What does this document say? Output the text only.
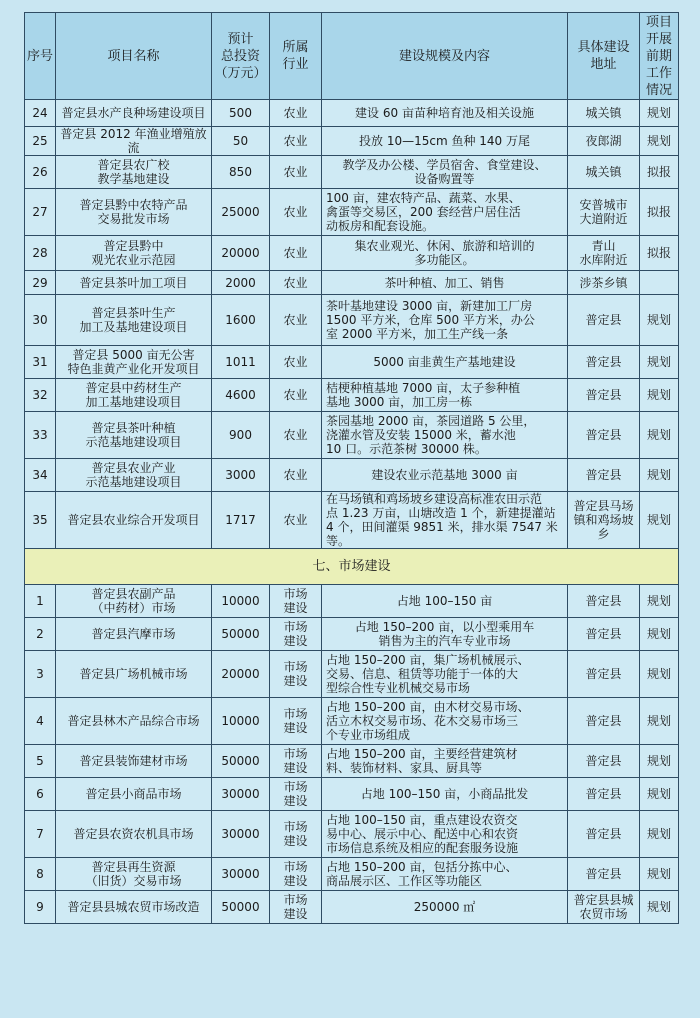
序号	项目名称	预计
总投资
（万元）	所属
行业	建设规模及内容	具体建设
地址	项目
开展
前期
工作
情况
24	普定县水产良种场建设项目	500	农业	建设 60 亩苗种培育池及相关设施	城关镇	规划
25	普定县 2012 年渔业增殖放流	50	农业	投放 10—15cm 鱼种 140 万尾	夜郎湖	规划
26	普定县农广校
教学基地建设	850	农业	教学及办公楼、学员宿舍、食堂建设、
设备购置等	城关镇	拟报
27	普定县黔中农特产品
交易批发市场	25000	农业	100 亩，建农特产品、蔬菜、水果、
禽蛋等交易区，200 套经营户居住活
动板房和配套设施。	安普城市
大道附近	拟报
28	普定县黔中
观光农业示范园	20000	农业	集农业观光、休闲、旅游和培训的
多功能区。	青山
水库附近	拟报
29	普定县茶叶加工项目	2000	农业	茶叶种植、加工、销售	涉茶乡镇	
30	普定县茶叶生产
加工及基地建设项目	1600	农业	茶叶基地建设 3000 亩，新建加工厂房
1500 平方米，仓库 500 平方米，办公
室 2000 平方米，加工生产线一条	普定县	规划
31	普定县 5000 亩无公害
特色韭黄产业化开发项目	1011	农业	5000 亩韭黄生产基地建设	普定县	规划
32	普定县中药材生产
加工基地建设项目	4600	农业	桔梗种植基地 7000 亩，太子参种植
基地 3000 亩，加工房一栋	普定县	规划
33	普定县茶叶种植
示范基地建设项目	900	农业	茶园基地 2000 亩，茶园道路 5 公里，
浇灌水管及安装 15000 米，蓄水池
10 口。示范茶树 30000 株。	普定县	规划
34	普定县农业产业
示范基地建设项目	3000	农业	建设农业示范基地 3000 亩	普定县	规划
35	普定县农业综合开发项目	1717	农业	在马场镇和鸡场坡乡建设高标准农田示范
点 1.23 万亩，山塘改造 1 个，新建提灌站
4 个，田间灌渠 9851 米，排水渠 7547 米等。	普定县马场
镇和鸡场坡
乡	规划
七、市场建设						
1	普定县农副产品
（中药材）市场	10000	市场
建设	占地 100–150 亩	普定县	规划
2	普定县汽摩市场	50000	市场
建设	占地 150–200 亩，以小型乘用车
销售为主的汽车专业市场	普定县	规划
3	普定县广场机械市场	20000	市场
建设	占地 150–200 亩，集广场机械展示、
交易、信息、租赁等功能于一体的大
型综合性专业机械交易市场	普定县	规划
4	普定县林木产品综合市场	10000	市场
建设	占地 150–200 亩，由木材交易市场、
活立木权交易市场、花木交易市场三
个专业市场组成	普定县	规划
5	普定县装饰建材市场	50000	市场
建设	占地 150–200 亩，主要经营建筑材
料、装饰材料、家具、厨具等	普定县	规划
6	普定县小商品市场	30000	市场
建设	占地 100–150 亩，小商品批发	普定县	规划
7	普定县农资农机具市场	30000	市场
建设	占地 100–150 亩，重点建设农资交
易中心、展示中心、配送中心和农资
市场信息系统及相应的配套服务设施	普定县	规划
8	普定县再生资源
（旧货）交易市场	30000	市场
建设	占地 150–200 亩，包括分拣中心、
商品展示区、工作区等功能区	普定县	规划
9	普定县县城农贸市场改造	50000	市场
建设	250000 ㎡	普定县县城
农贸市场	规划
